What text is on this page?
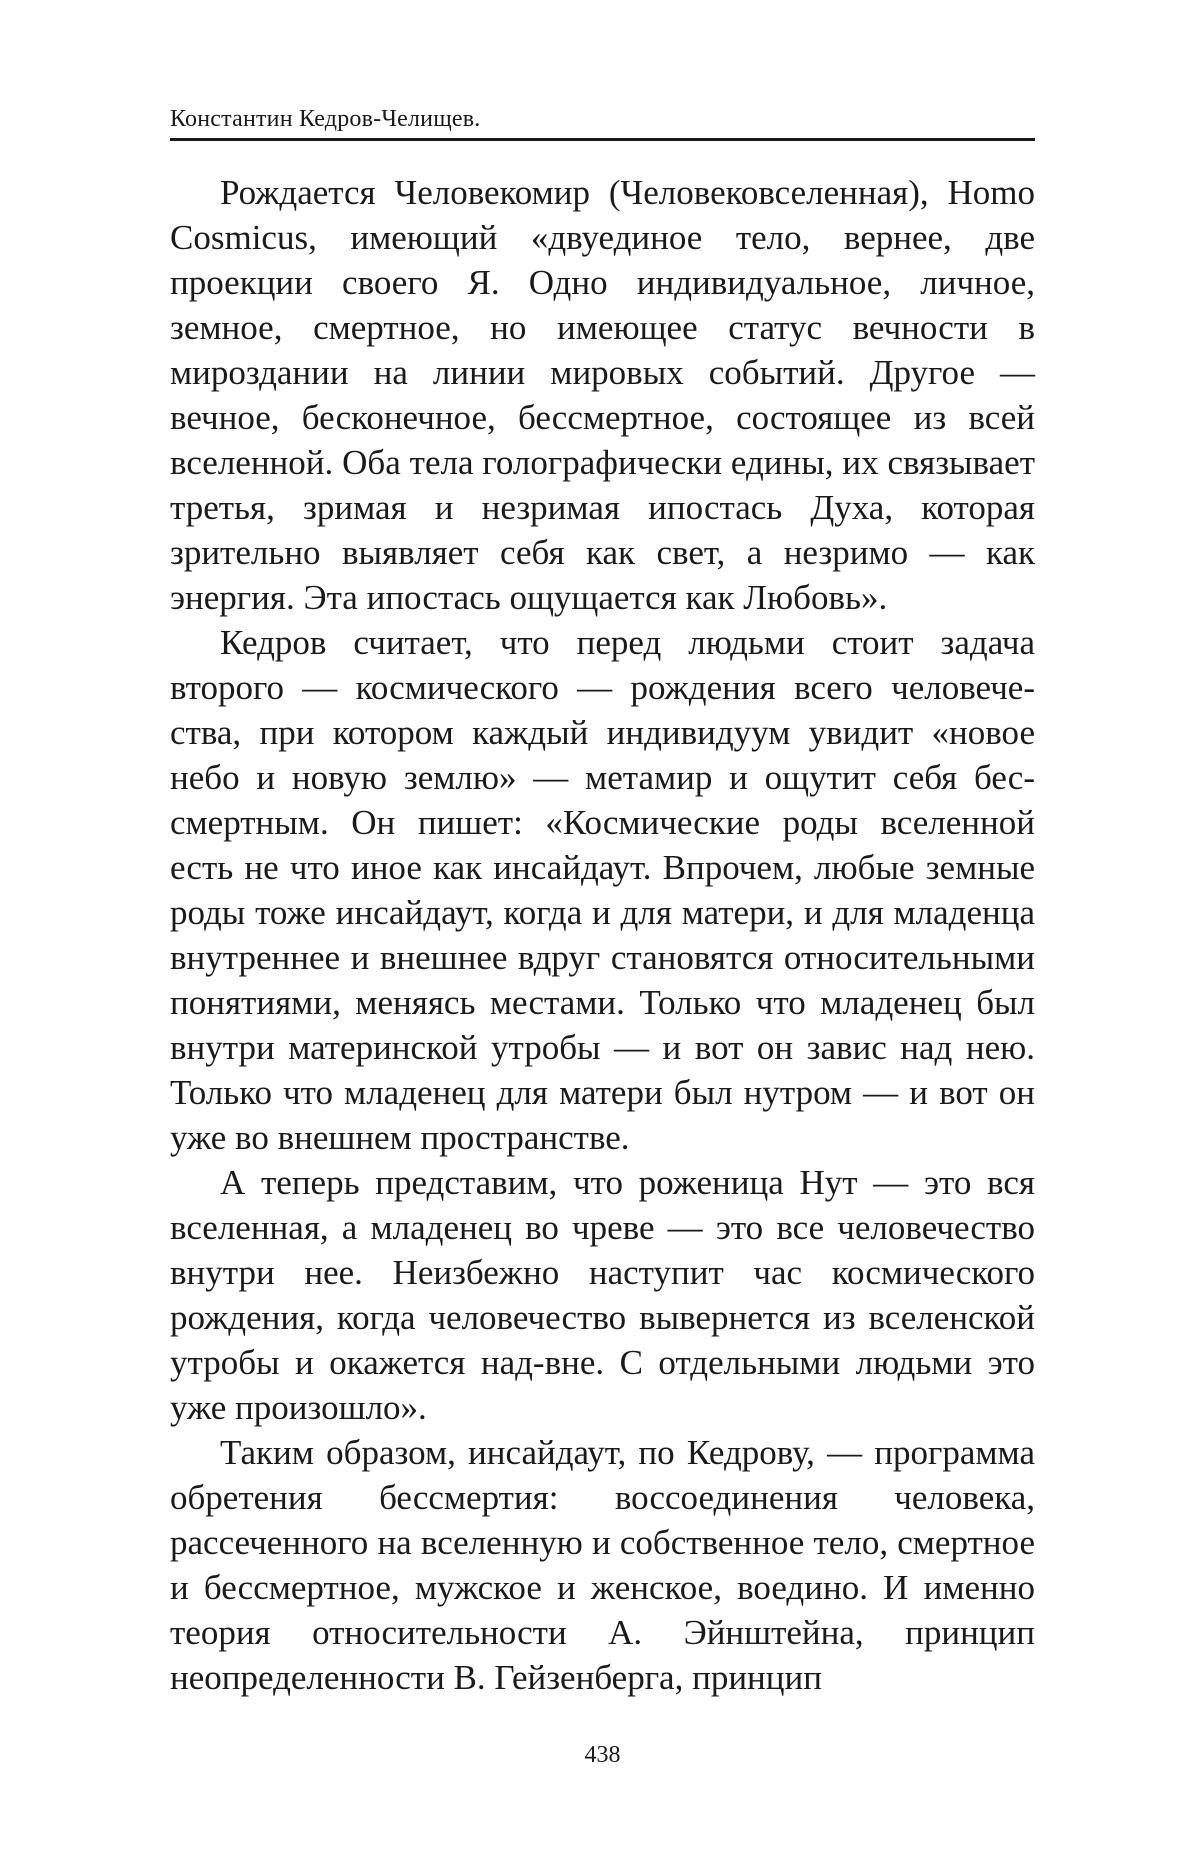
Константин Кедров-Челищев.

Рождается Человекомир (Человековселенная), Homo Cosmicus, имеющий «двуединое тело, вернее, две проекции своего Я. Одно индивидуальное, личное, земное, смертное, но имеющее статус вечности в мироздании на линии мировых событий. Другое — вечное, бесконечное, бессмертное, состоящее из всей вселенной. Оба тела голографически едины, их связывает третья, зримая и незримая ипостась Духа, которая зрительно выявляет себя как свет, а незримо — как энергия. Эта ипостась ощущается как Любовь».

Кедров считает, что перед людьми стоит задача второго — космического — рождения всего человечества, при котором каждый индивидуум увидит «новое небо и новую землю» — метамир и ощутит себя бессмертным. Он пишет: «Космические роды вселенной есть не что иное как инсайдаут. Впрочем, любые земные роды тоже инсайдаут, когда и для матери, и для младенца внутреннее и внешнее вдруг становятся относительными понятиями, меняясь местами. Только что младенец был внутри материнской утробы — и вот он завис над нею. Только что младенец для матери был нутром — и вот он уже во внешнем пространстве.

А теперь представим, что роженица Нут — это вся вселенная, а младенец во чреве — это все человечество внутри нее. Неизбежно наступит час космического рождения, когда человечество вывернется из вселенской утробы и окажется над-вне. С отдельными людьми это уже произошло».

Таким образом, инсайдаут, по Кедрову, — программа обретения бессмертия: воссоединения человека, рассеченного на вселенную и собственное тело, смертное и бессмертное, мужское и женское, воедино. И именно теория относительности А. Эйнштейна, принцип неопределенности В. Гейзенберга, принцип

438
